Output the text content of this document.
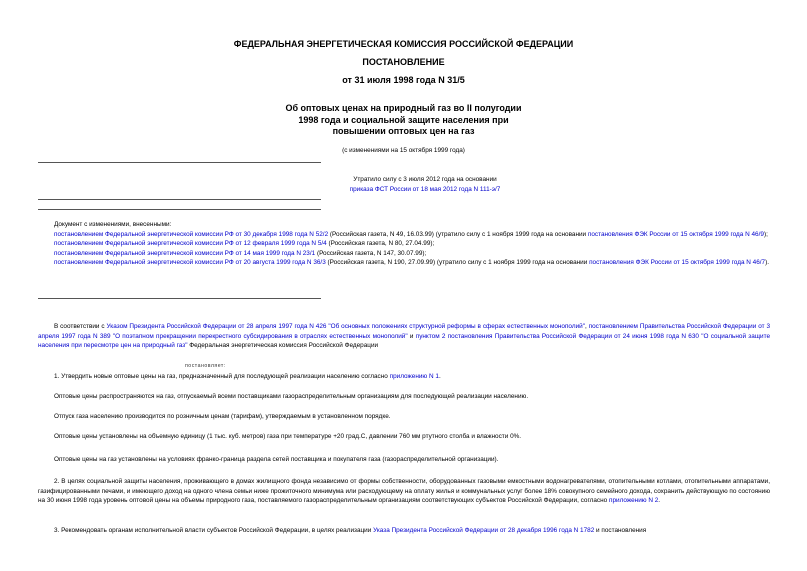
ФЕДЕРАЛЬНАЯ ЭНЕРГЕТИЧЕСКАЯ КОМИССИЯ РОССИЙСКОЙ ФЕДЕРАЦИИ
ПОСТАНОВЛЕНИЕ
от 31 июля 1998 года N 31/5
Об оптовых ценах на природный газ во II полугодии
1998 года и социальной защите населения при
повышении оптовых цен на газ
(с изменениями на 15 октября 1999 года)
Утратило силу с 3 июля 2012 года на основании
приказа ФСТ России от 18 мая 2012 года N 111-э/7
Документ с изменениями, внесенными:
постановлением Федеральной энергетической комиссии РФ от 30 декабря 1998 года N 52/2 (Российская газета, N 49, 16.03.99) (утратило силу с 1 ноября 1999 года на основании постановления ФЭК России от 15 октября 1999 года N 46/9);
постановлением Федеральной энергетической комиссии РФ от 12 февраля 1999 года N 5/4 (Российская газета, N 80, 27.04.99);
постановлением Федеральной энергетической комиссии РФ от 14 мая 1999 года N 23/1 (Российская газета, N 147, 30.07.99);
постановлением Федеральной энергетической комиссии РФ от 20 августа 1999 года N 36/3 (Российская газета, N 190, 27.09.99) (утратило силу с 1 ноября 1999 года на основании постановления ФЭК России от 15 октября 1999 года N 46/7).
В соответствии с Указом Президента Российской Федерации от 28 апреля 1997 года N 426 "Об основных положениях структурной реформы в сферах естественных монополий", постановлением Правительства Российской Федерации от 3 апреля 1997 года N 389 "О поэтапном прекращении перекрестного субсидирования в отраслях естественных монополий" и пунктом 2 постановления Правительства Российской Федерации от 24 июня 1998 года N 630 "О социальной защите населения при пересмотре цен на природный газ" Федеральная энергетическая комиссия Российской Федерации
постановляет:
1. Утвердить новые оптовые цены на газ, предназначенный для последующей реализации населению согласно приложению N 1.
Оптовые цены распространяются на газ, отпускаемый всеми поставщиками газораспределительным организациям для последующей реализации населению.
Отпуск газа населению производится по розничным ценам (тарифам), утверждаемым в установленном порядке.
Оптовые цены установлены на объемную единицу (1 тыс. куб. метров) газа при температуре +20 град.С, давлении 760 мм ртутного столба и влажности 0%.
Оптовые цены на газ установлены на условиях франко-граница раздела сетей поставщика и покупателя газа (газораспределительной организации).
2. В целях социальной защиты населения, проживающего в домах жилищного фонда независимо от формы собственности, оборудованных газовыми емкостными водонагревателями, отопительными котлами, отопительными аппаратами, газифицированными печами, и имеющего доход на одного члена семьи ниже прожиточного минимума или расходующему на оплату жилья и коммунальных услуг более 18% совокупного семейного дохода, сохранить действующую по состоянию на 30 июня 1998 года уровень оптовой цены на объемы природного газа, поставляемого газораспределительным организациям соответствующих субъектов Российской Федерации, согласно приложению N 2.
3. Рекомендовать органам исполнительной власти субъектов Российской Федерации, в целях реализации Указа Президента Российской Федерации от 28 декабря 1996 года N 1782 и постановления
